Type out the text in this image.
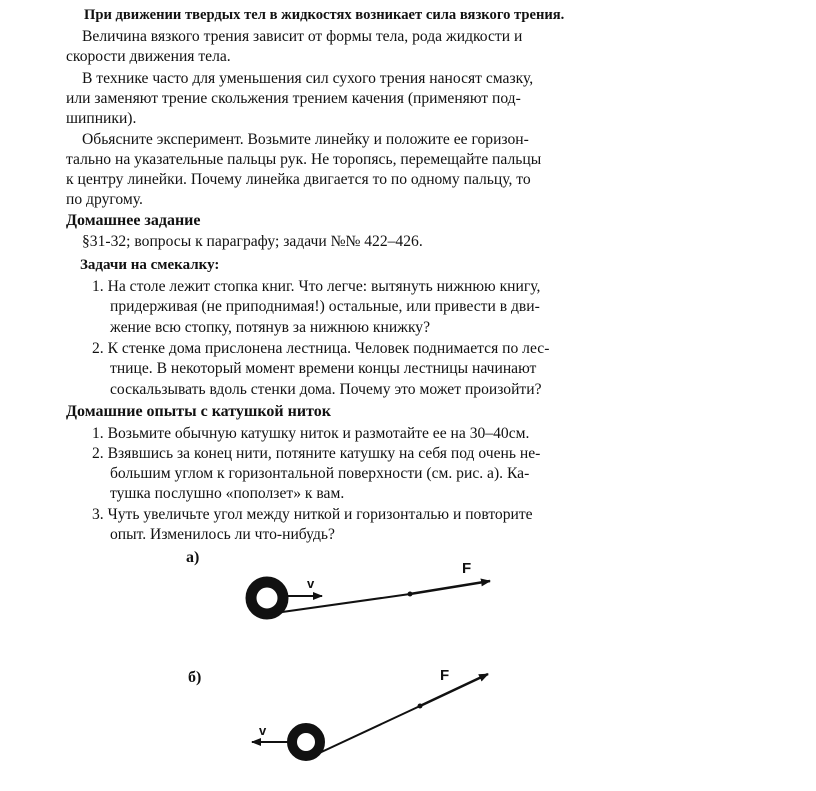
При движении твердых тел в жидкостях возникает сила вязкого трения.
Величина вязкого трения зависит от формы тела, рода жидкости и
скорости движения тела.
В технике часто для уменьшения сил сухого трения наносят смазку,
или заменяют трение скольжения трением качения (применяют под-
шипники).
Обьясните эксперимент. Возьмите линейку и положите ее горизон-
тально на указательные пальцы рук. Не торопясь, перемещайте пальцы
к центру линейки. Почему линейка двигается то по одному пальцу, то
по другому.
Домашнее задание
§31-32; вопросы к параграфу; задачи №№ 422–426.
Задачи на смекалку:
1. На столе лежит стопка книг. Что легче: вытянуть нижнюю книгу,
придерживая (не приподнимая!) остальные, или привести в дви-
жение всю стопку, потянув за нижнюю книжку?
2. К стенке дома прислонена лестница. Человек поднимается по лес-
тнице. В некоторый момент времени концы лестницы начинают
соскальзывать вдоль стенки дома. Почему это может произойти?
Домашние опыты с катушкой ниток
1. Возьмите обычную катушку ниток и размотайте ее на 30–40см.
2. Взявшись за конец нити, потяните катушку на себя под очень не-
большим углом к горизонтальной поверхности (см. рис. а). Ка-
тушка послушно «поползет» к вам.
3. Чуть увеличьте угол между ниткой и горизонталью и повторите
опыт. Изменилось ли что-нибудь?
а)
v
F
б)
v
F
